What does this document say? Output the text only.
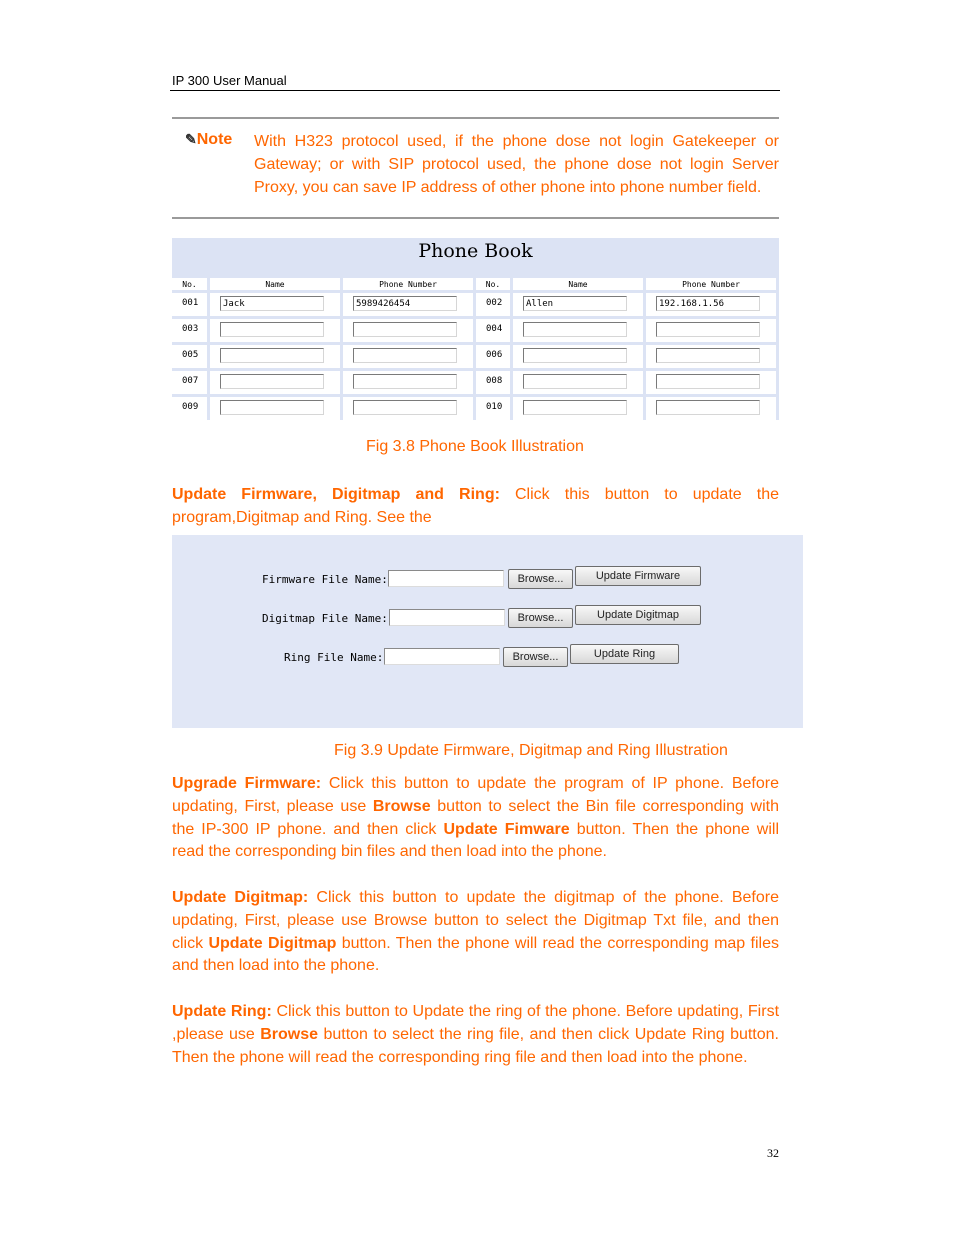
IP 300 User Manual
✎Note With H323 protocol used, if the phone dose not login Gatekeeper or
Gateway; or with SIP protocol used, the phone dose not login Server
Proxy, you can save IP address of other phone into phone number field.
Phone Book
No.	Name	Phone Number	No.	Name	Phone Number
001	Jack	5989426454	002	Allen	192.168.1.56

003			004	

005			006	

007			008	

009			010	

Fig 3.8 Phone Book Illustration
Update Firmware, Digitmap and Ring: Click this button to update the
program,Digitmap and Ring. See the
Firmware File Name:	Browse...	Update Firmware
Digitmap File Name:	Browse...	Update Digitmap
Ring File Name:	Browse...	Update Ring
Fig 3.9 Update Firmware, Digitmap and Ring Illustration
Upgrade Firmware: Click this button to update the program of IP phone. Before updating, First, please use Browse button to select the Bin file corresponding with the IP-300 IP phone. and then click Update Fimware button. Then the phone will read the corresponding bin files and then load into the phone.
Update Digitmap: Click this button to update the digitmap of the phone. Before updating, First, please use Browse button to select the Digitmap Txt file, and then click Update Digitmap button. Then the phone will read the corresponding map files and then load into the phone.
Update Ring: Click this button to Update the ring of the phone. Before updating, First ,please use Browse button to select the ring file, and then click Update Ring button. Then the phone will read the corresponding ring file and then load into the phone.
32
